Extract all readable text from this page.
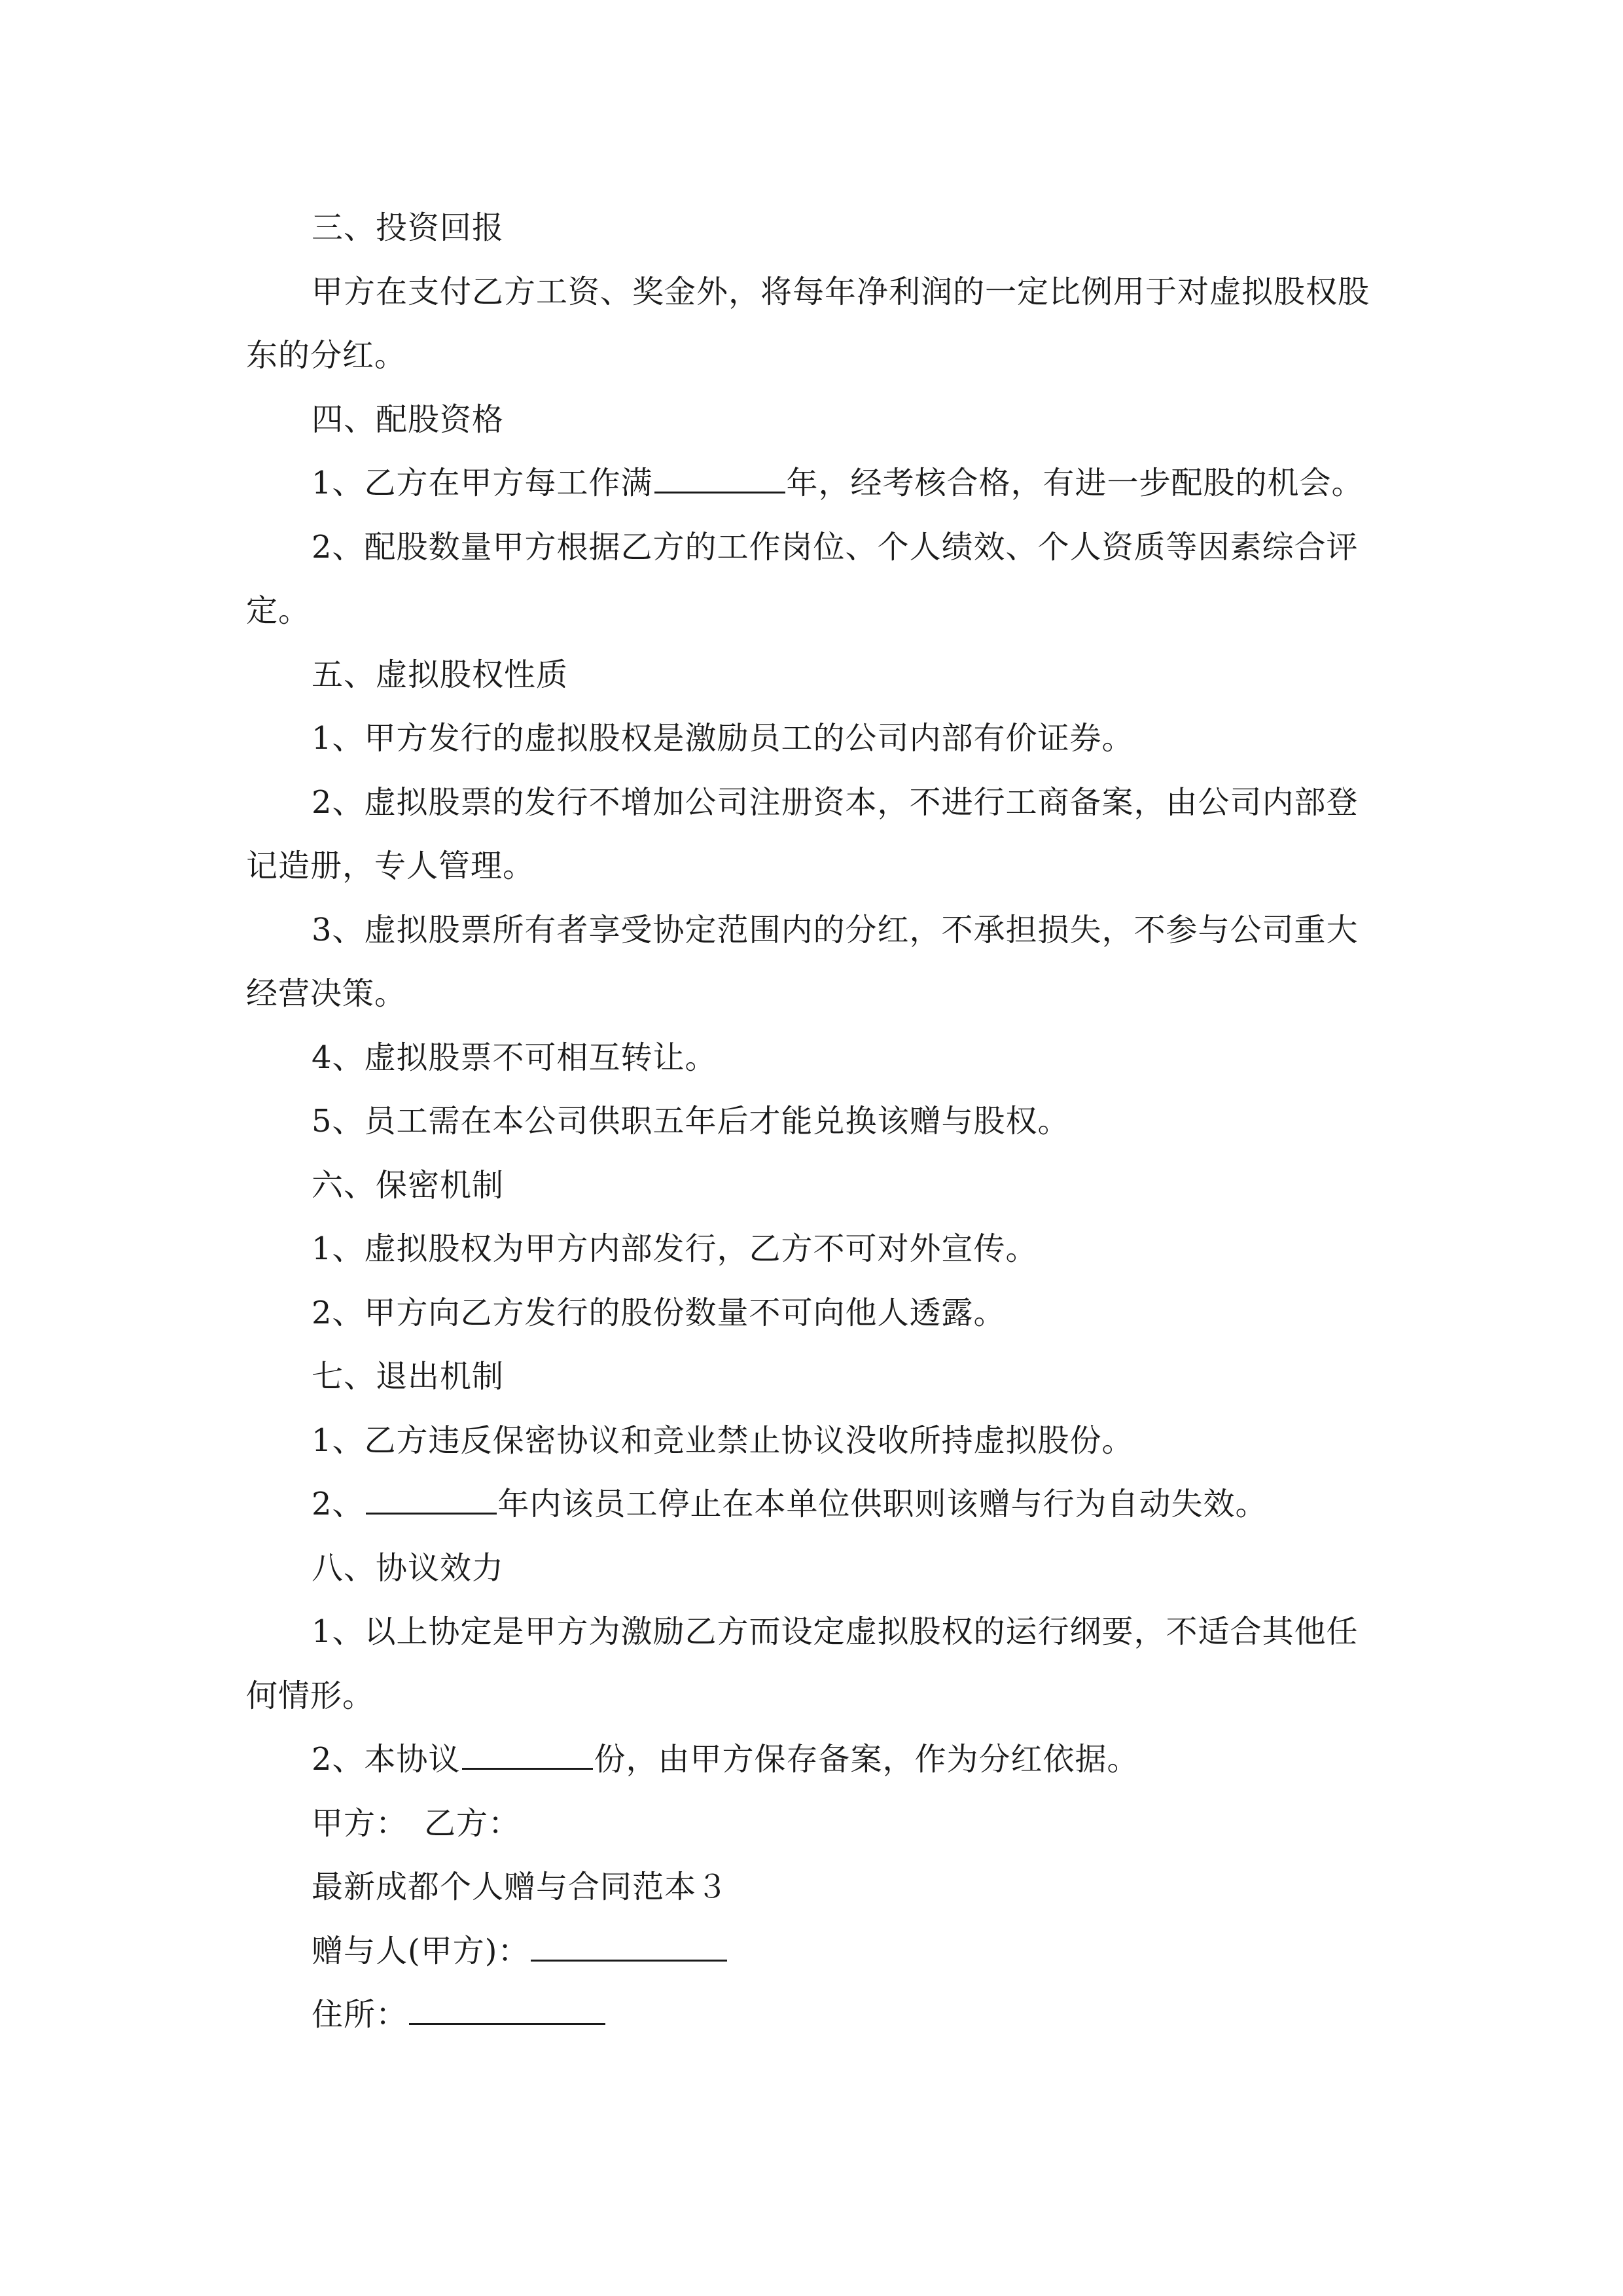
三、投资回报
甲方在支付乙方工资、奖金外，将每年净利润的一定比例用于对虚拟股权股
东的分红。
四、配股资格
1、乙方在甲方每工作满	年，经考核合格，有进一步配股的机会。
2、配股数量甲方根据乙方的工作岗位、个人绩效、个人资质等因素综合评
定。
五、虚拟股权性质
1、甲方发行的虚拟股权是激励员工的公司内部有价证券。
2、虚拟股票的发行不增加公司注册资本，不进行工商备案，由公司内部登
记造册，专人管理。
3、虚拟股票所有者享受协定范围内的分红，不承担损失，不参与公司重大
经营决策。
4、虚拟股票不可相互转让。
5、员工需在本公司供职五年后才能兑换该赠与股权。
六、保密机制
1、虚拟股权为甲方内部发行，乙方不可对外宣传。
2、甲方向乙方发行的股份数量不可向他人透露。
七、退出机制
1、乙方违反保密协议和竞业禁止协议没收所持虚拟股份。
2、	年内该员工停止在本单位供职则该赠与行为自动失效。
八、协议效力
1、以上协定是甲方为激励乙方而设定虚拟股权的运行纲要，不适合其他任
何情形。
2、本协议	份，由甲方保存备案，作为分红依据。
甲方：　乙方：
最新成都个人赠与合同范本３
赠与人(甲方)：
住所：
